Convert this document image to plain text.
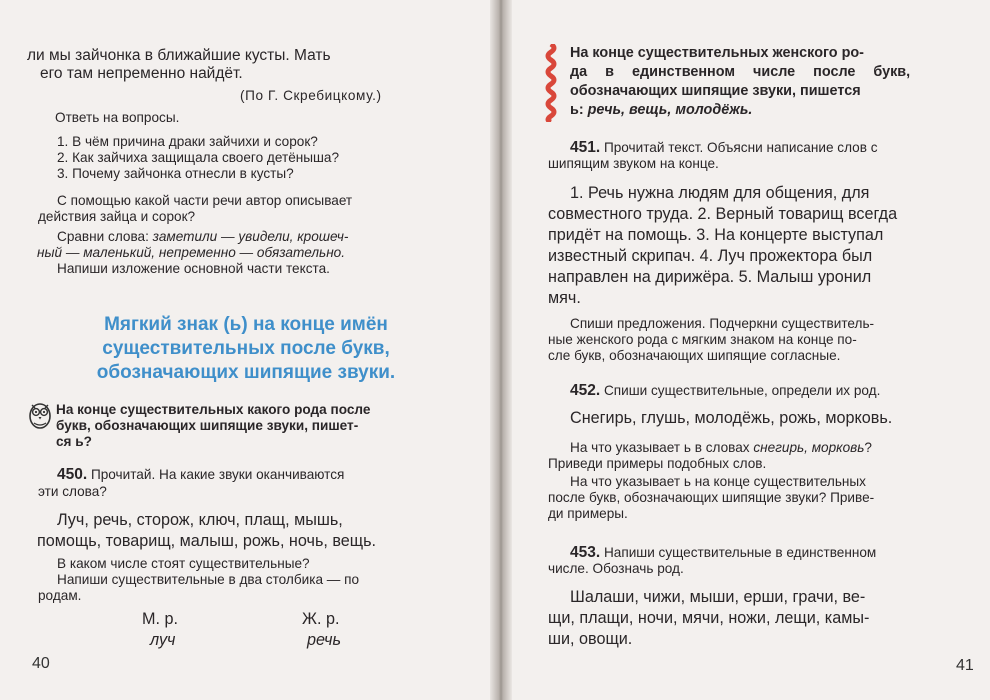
ли мы зайчонка в ближайшие кусты. Мать

его там непременно найдёт.

(По Г. Скребицкому.)

Ответь на вопросы.

1. В чём причина драки зайчихи и сорок?

2. Как зайчиха защищала своего детёныша?

3. Почему зайчонка отнесли в кусты?

С помощью какой части речи автор описывает

действия зайца и сорок?

Сравни слова: заметили — увидели, крошеч-

ный — маленький, непременно — обязательно.

Напиши изложение основной части текста.

Мягкий знак (ь) на конце имён

существительных после букв,

обозначающих шипящие звуки.

На конце существительных какого рода после

букв, обозначающих шипящие звуки, пишет-

ся ь?

450. Прочитай. На какие звуки оканчиваются

эти слова?

Луч, речь, сторож, ключ, плащ, мышь,

помощь, товарищ, малыш, рожь, ночь, вещь.

В каком числе стоят существительные?

Напиши существительные в два столбика — по

родам.

М. р.	Ж. р.

луч	речь

40

На конце существительных женского ро-

да в единственном числе после букв,

обозначающих шипящие звуки, пишется

ь: речь, вещь, молодёжь.

451. Прочитай текст. Объясни написание слов с

шипящим звуком на конце.

1. Речь нужна людям для общения, для

совместного труда. 2. Верный товарищ всегда

придёт на помощь. 3. На концерте выступал

известный скрипач. 4. Луч прожектора был

направлен на дирижёра. 5. Малыш уронил

мяч.

Спиши предложения. Подчеркни существитель-

ные женского рода с мягким знаком на конце по-

сле букв, обозначающих шипящие согласные.

452. Спиши существительные, определи их род.

Снегирь, глушь, молодёжь, рожь, морковь.

На что указывает ь в словах снегирь, морковь?

Приведи примеры подобных слов.

На что указывает ь на конце существительных

после букв, обозначающих шипящие звуки? Приве-

ди примеры.

453. Напиши существительные в единственном

числе. Обозначь род.

Шалаши, чижи, мыши, ерши, грачи, ве-

щи, плащи, ночи, мячи, ножи, лещи, камы-

ши, овощи.

41
